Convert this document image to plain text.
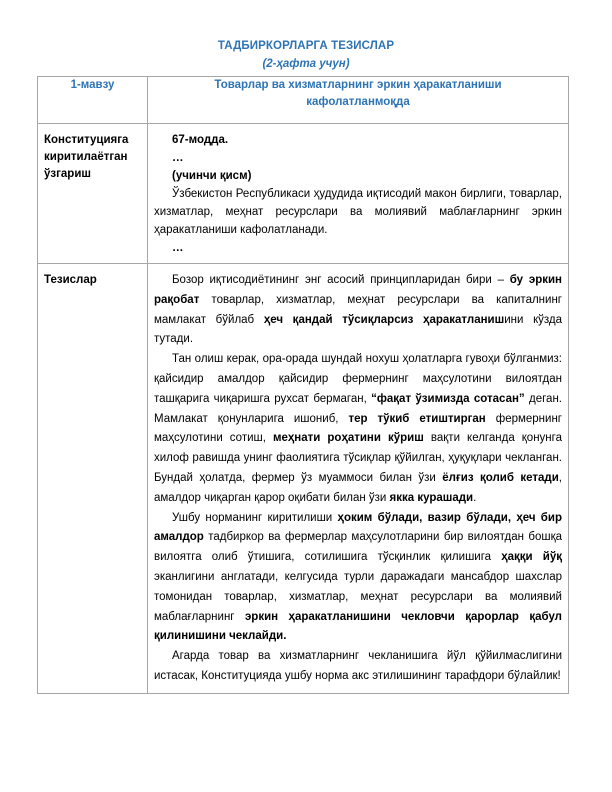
ТАДБИРКОРЛАРГА ТЕЗИСЛАР
(2-ҳафта учун)
1-мавзу	Товарлар ва хизматларнинг эркин ҳаракатланиши кафолатланмоқда

Конституцияга киритилаётган ўзгариш	67-модда.
…
(учинчи қисм)

Ўзбекистон Республикаси ҳудудида иқтисодий макон бирлиги, товарлар, хизматлар, меҳнат ресурслари ва молиявий маблағларнинг эркин ҳаракатланиши кафолатланади.

…

Тезислар	Бозор иқтисодиётининг энг асосий принципларидан бири – бу эркин рақобат товарлар, хизматлар, меҳнат ресурслари ва капиталнинг мамлакат бўйлаб ҳеч қандай тўсиқларсиз ҳаракатланишини кўзда тутади.

Тан олиш керак, ора-орада шундай ноxуш ҳолатларга гувоҳи бўлганмиз: қайсидир амалдор қайсидир фермернинг маҳсулотини вилоятдан ташқарига чиқаришга рухсат бермаган, “фақат ўзимизда сотасан” деган. Мамлакат қонунларига ишониб, тер тўкиб етиштирган фермернинг маҳсулотини сотиш, меҳнати роҳатини кўриш вақти келганда қонунга хилоф равишда унинг фаолиятига тўсиқлар қўйилган, ҳуқуқлари чекланган. Бундай ҳолатда, фермер ўз муаммоси билан ўзи ёлғиз қолиб кетади, амалдор чиқарган қарор оқибати билан ўзи якка курашади.

Ушбу норманинг киритилиши ҳоким бўлади, вазир бўлади, ҳеч бир амалдор тадбиркор ва фермерлар маҳсулотларини бир вилоятдан бошқа вилоятга олиб ўтишига, сотилишига тўсқинлик қилишига ҳаққи йўқ эканлигини англатади, келгусида турли даражадаги мансабдор шахслар томонидан товарлар, хизматлар, меҳнат ресурслари ва молиявий маблағларнинг эркин ҳаракатланишини чекловчи қарорлар қабул қилинишини чеклайди.

Агарда товар ва хизматларнинг чекланишига йўл қўйилмаслигини истасак, Конституцияда ушбу норма акс этилишининг тарафдори бўлайлик!
